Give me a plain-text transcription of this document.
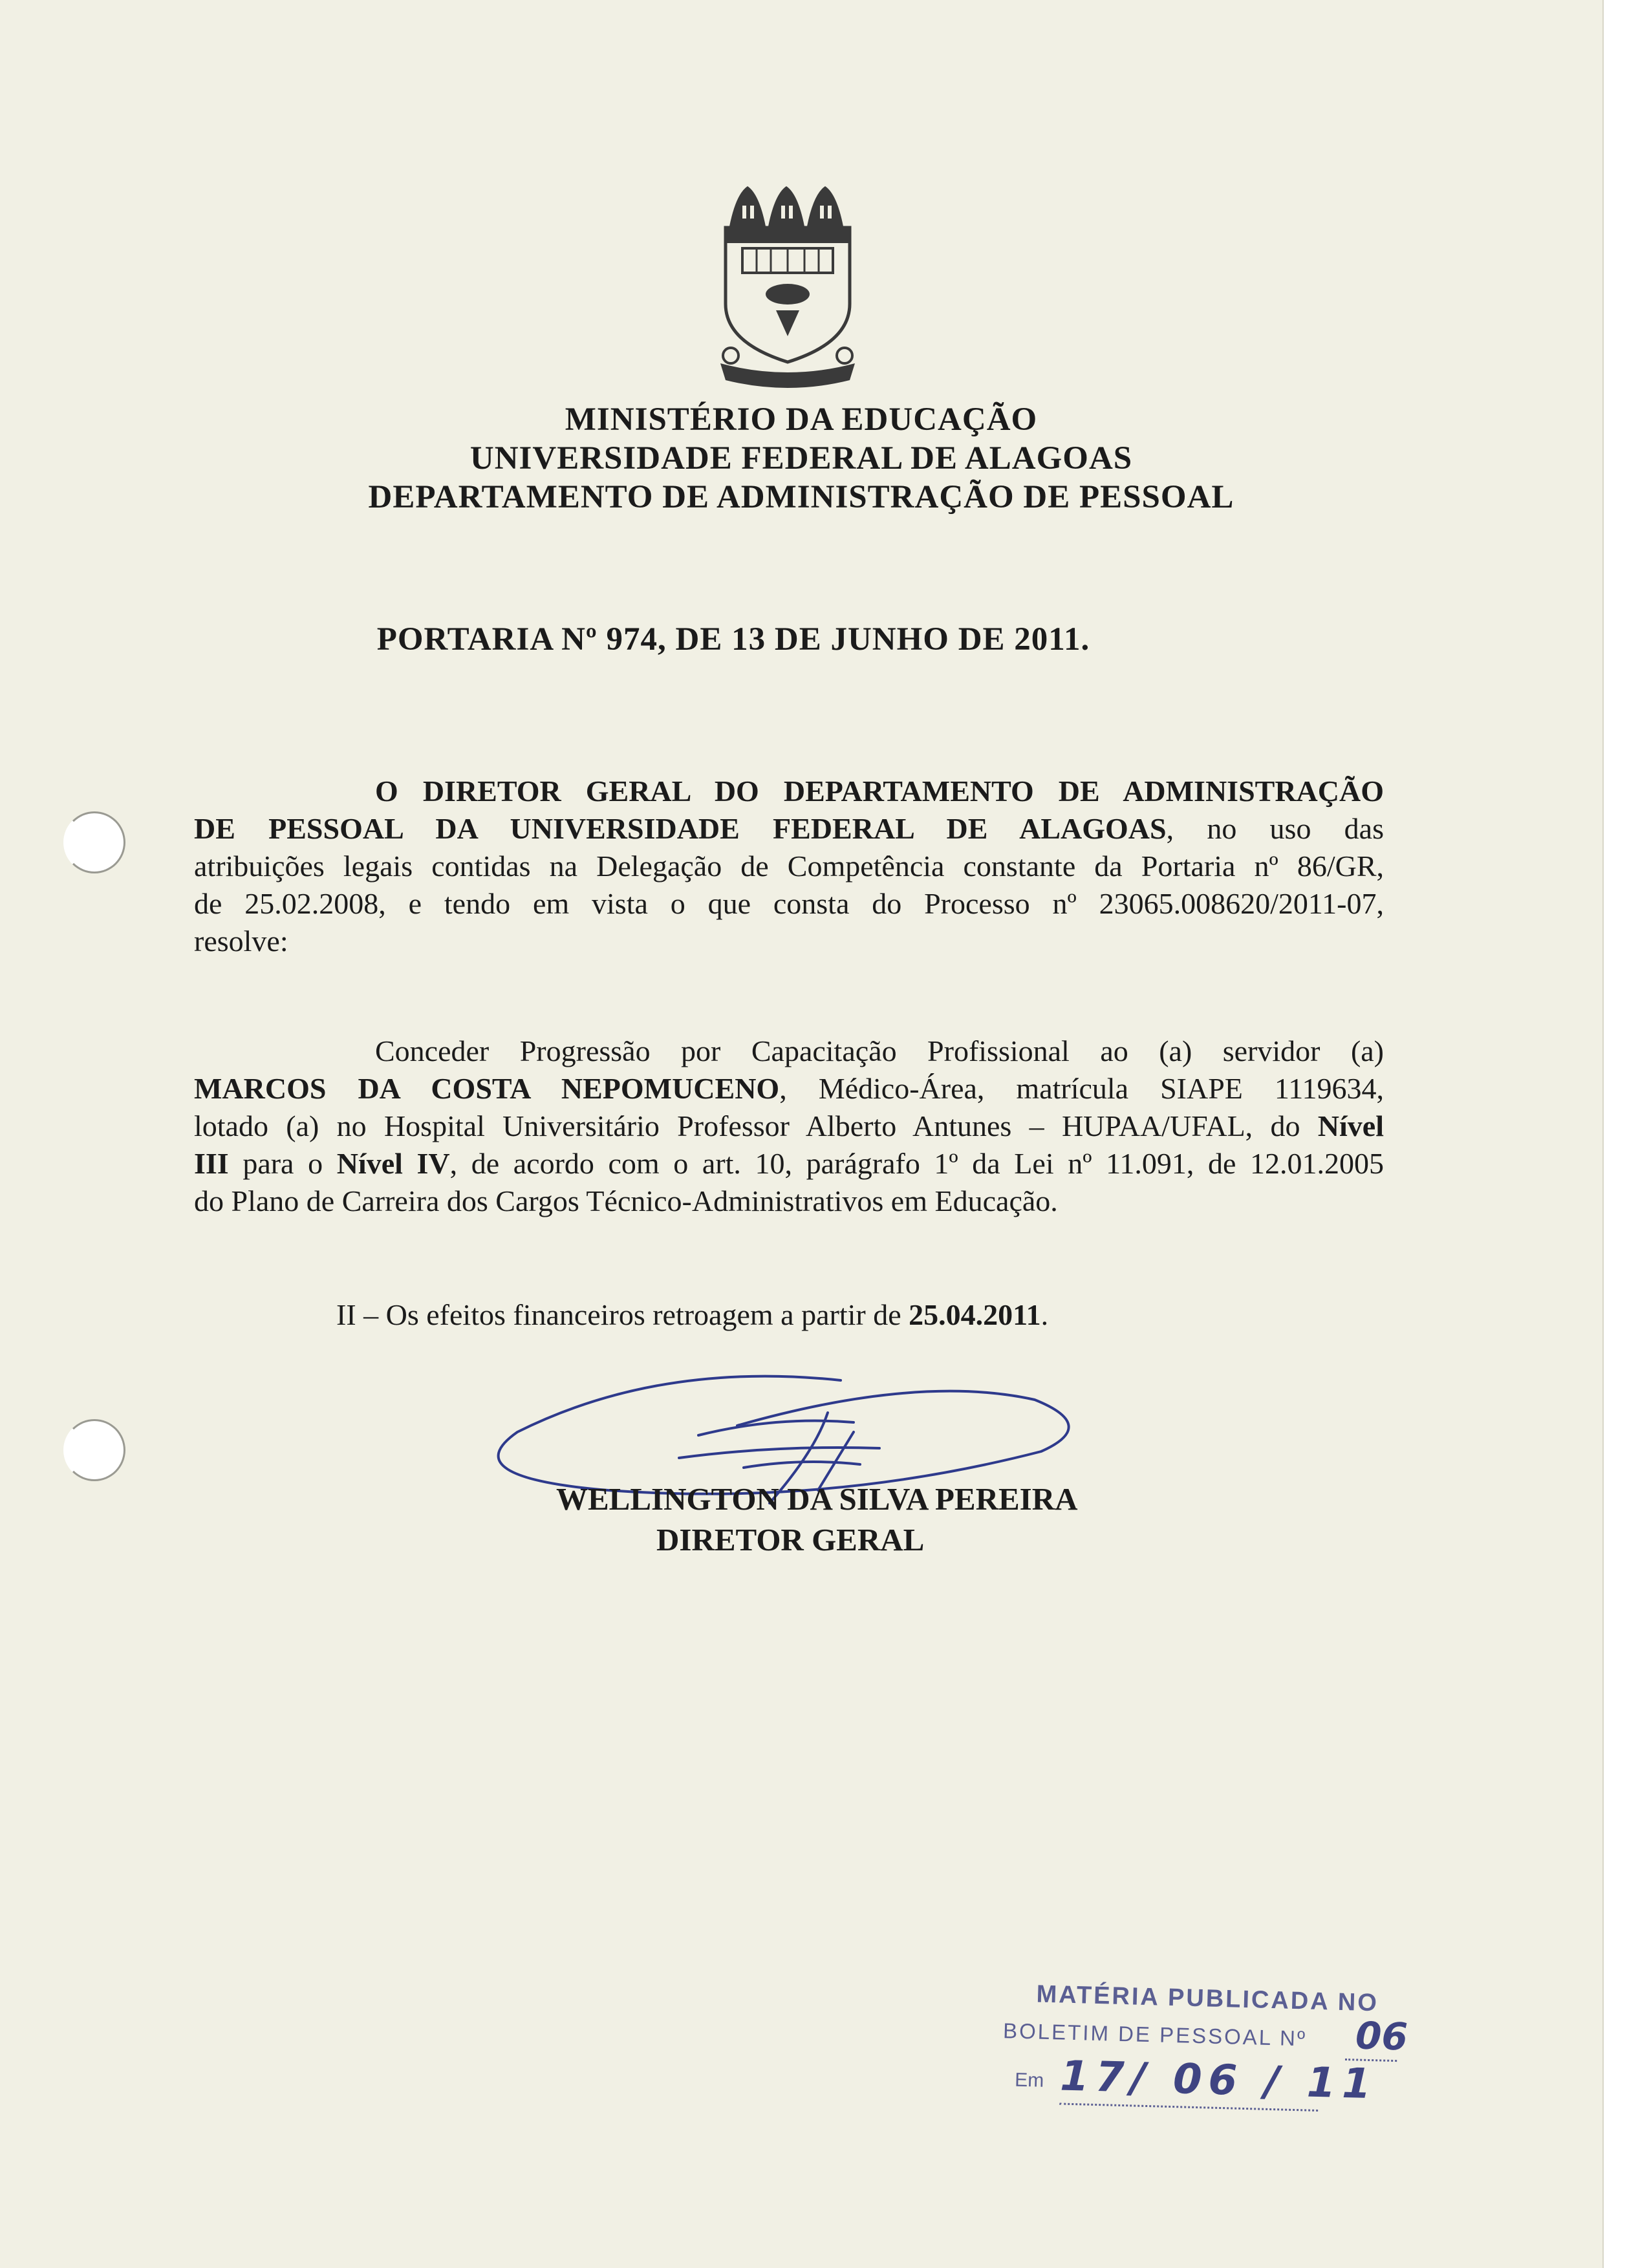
MINISTÉRIO DA EDUCAÇÃO
UNIVERSIDADE FEDERAL DE ALAGOAS
DEPARTAMENTO DE ADMINISTRAÇÃO DE PESSOAL
PORTARIA Nº 974, DE 13 DE JUNHO DE 2011.
O DIRETOR GERAL DO DEPARTAMENTO DE ADMINISTRAÇÃO
DE PESSOAL DA UNIVERSIDADE FEDERAL DE ALAGOAS, no uso das
atribuições legais contidas na Delegação de Competência constante da Portaria nº 86/GR,
de 25.02.2008, e tendo em vista o que consta do Processo nº 23065.008620/2011-07,
resolve:
Conceder Progressão por Capacitação Profissional ao (a) servidor (a)
MARCOS DA COSTA NEPOMUCENO, Médico-Área, matrícula SIAPE 1119634,
lotado (a) no Hospital Universitário Professor Alberto Antunes – HUPAA/UFAL, do Nível
III para o Nível IV, de acordo com o art. 10, parágrafo 1º da Lei nº 11.091, de 12.01.2005
do Plano de Carreira dos Cargos Técnico-Administrativos em Educação.
II – Os efeitos financeiros retroagem a partir de 25.04.2011.
WELLINGTON DA SILVA PEREIRA
DIRETOR GERAL
MATÉRIA PUBLICADA NO
BOLETIM DE PESSOAL Nº 06
Em 17/ 06 / 11
